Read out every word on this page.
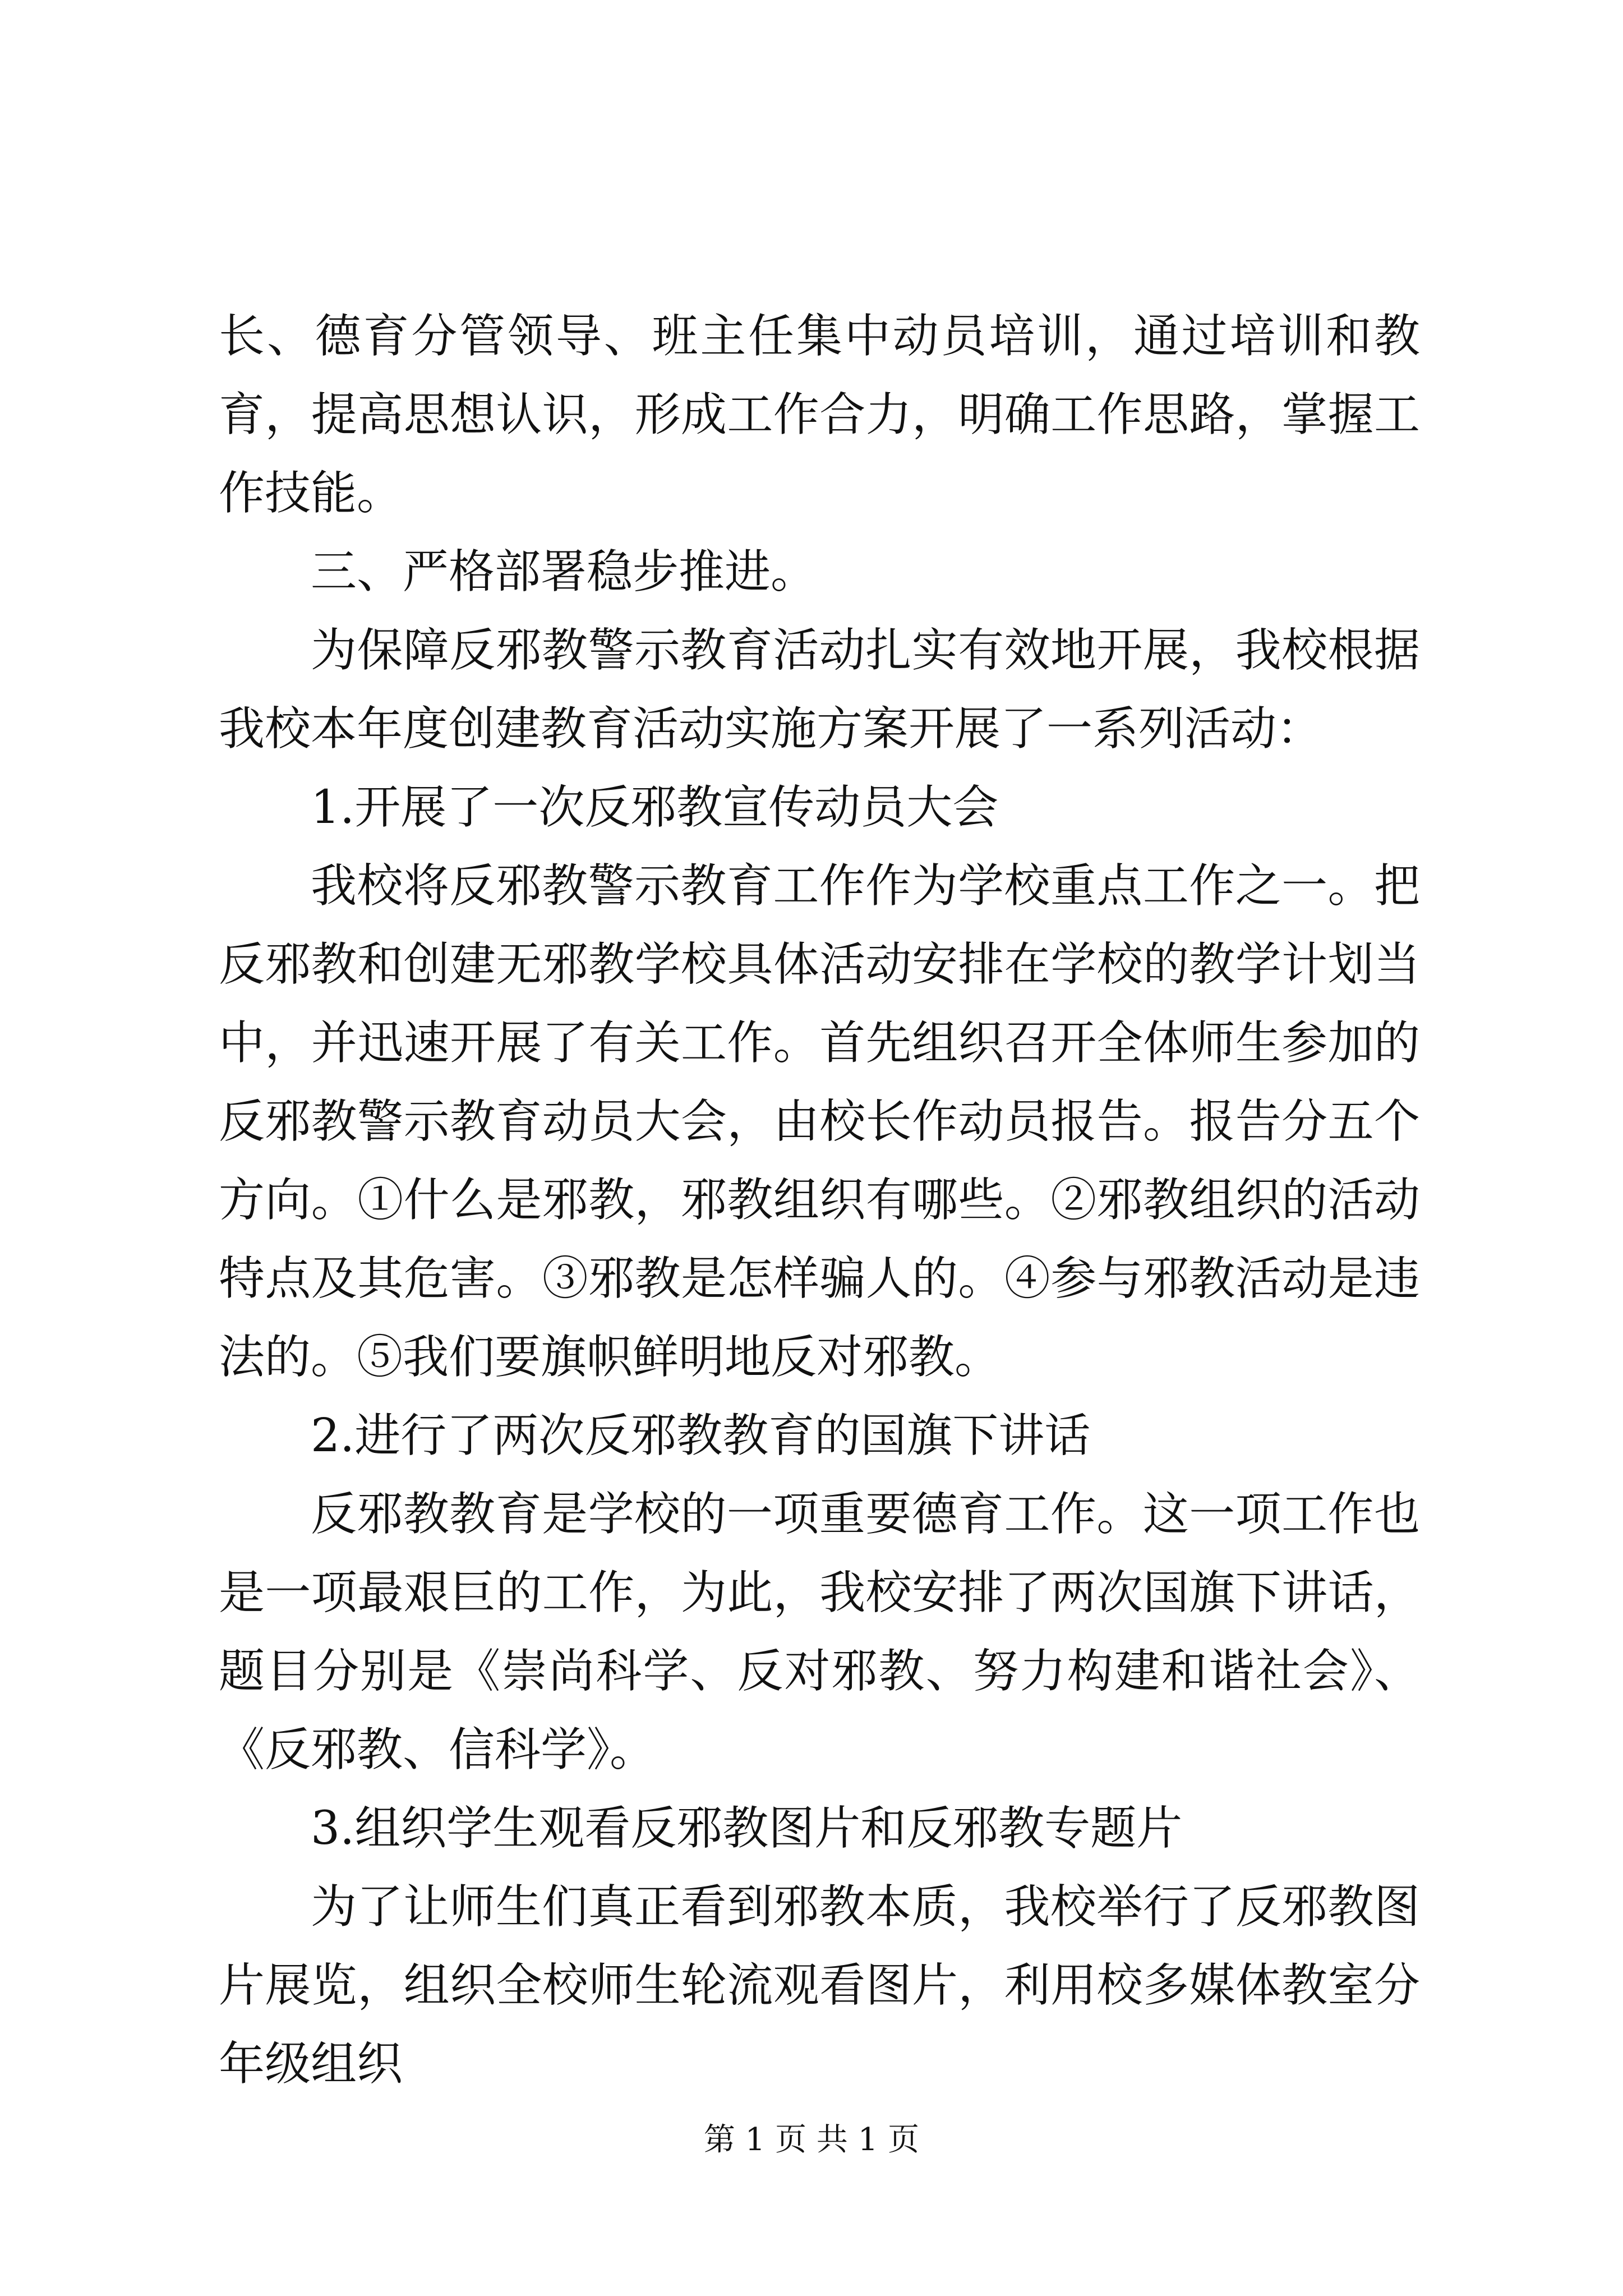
长、德育分管领导、班主任集中动员培训，通过培训和教育，提高思想认识，形成工作合力，明确工作思路，掌握工作技能。

三、严格部署稳步推进。

为保障反邪教警示教育活动扎实有效地开展，我校根据我校本年度创建教育活动实施方案开展了一系列活动：

1.开展了一次反邪教宣传动员大会

我校将反邪教警示教育工作作为学校重点工作之一。把反邪教和创建无邪教学校具体活动安排在学校的教学计划当中，并迅速开展了有关工作。首先组织召开全体师生参加的反邪教警示教育动员大会，由校长作动员报告。报告分五个方向。①什么是邪教，邪教组织有哪些。②邪教组织的活动特点及其危害。③邪教是怎样骗人的。④参与邪教活动是违法的。⑤我们要旗帜鲜明地反对邪教。

2.进行了两次反邪教教育的国旗下讲话

反邪教教育是学校的一项重要德育工作。这一项工作也是一项最艰巨的工作，为此，我校安排了两次国旗下讲话，题目分别是《崇尚科学、反对邪教、努力构建和谐社会》、《反邪教、信科学》。

3.组织学生观看反邪教图片和反邪教专题片

为了让师生们真正看到邪教本质，我校举行了反邪教图片展览，组织全校师生轮流观看图片，利用校多媒体教室分年级组织

第 1 页 共 1 页
